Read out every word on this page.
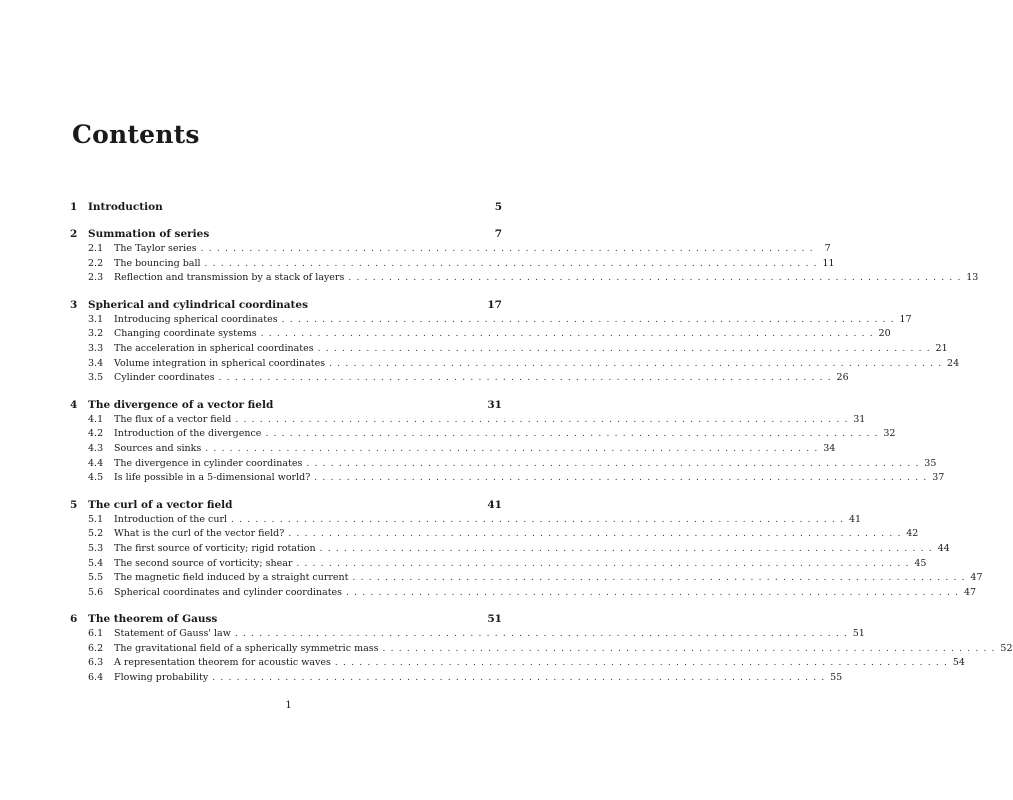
Contents
1	Introduction	5
2	Summation of series	7
2.1	The Taylor series . . .	7
2.2	The bouncing ball . . .	11
2.3	Reflection and transmission by a stack of layers . . .	13
3	Spherical and cylindrical coordinates	17
3.1	Introducing spherical coordinates . . .	17
3.2	Changing coordinate systems . . .	20
3.3	The acceleration in spherical coordinates . . .	21
3.4	Volume integration in spherical coordinates . . .	24
3.5	Cylinder coordinates . . .	26
4	The divergence of a vector field	31
4.1	The flux of a vector field . . .	31
4.2	Introduction of the divergence . . .	32
4.3	Sources and sinks . . .	34
4.4	The divergence in cylinder coordinates . . .	35
4.5	Is life possible in a 5-dimensional world? . . .	37
5	The curl of a vector field	41
5.1	Introduction of the curl . . .	41
5.2	What is the curl of the vector field? . . .	42
5.3	The first source of vorticity; rigid rotation . . .	44
5.4	The second source of vorticity; shear . . .	45
5.5	The magnetic field induced by a straight current . . .	47
5.6	Spherical coordinates and cylinder coordinates . . .	47
6	The theorem of Gauss	51
6.1	Statement of Gauss' law . . .	51
6.2	The gravitational field of a spherically symmetric mass . . .	52
6.3	A representation theorem for acoustic waves . . .	54
6.4	Flowing probability . . .	55
1
